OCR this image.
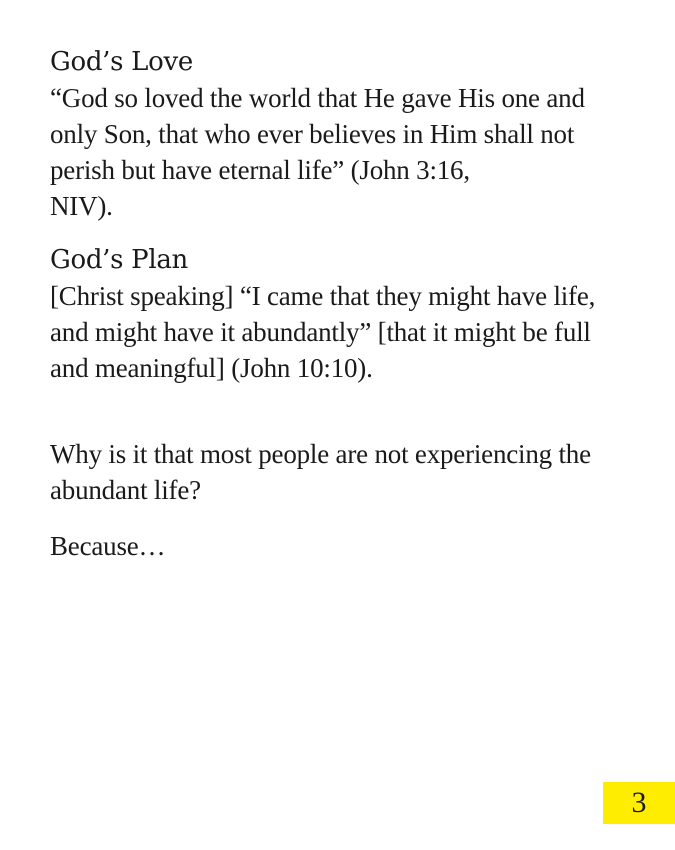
God’s Love

“God so loved the world that He gave His one and only Son, that who ever believes in Him shall not perish but have eternal life” (John 3:16,
NIV).

God’s Plan

[Christ speaking] “I came that they might have life, and might have it abundantly” [that it might be full and meaningful] (John 10:10).

Why is it that most people are not experiencing the abundant life?

Because…

3
